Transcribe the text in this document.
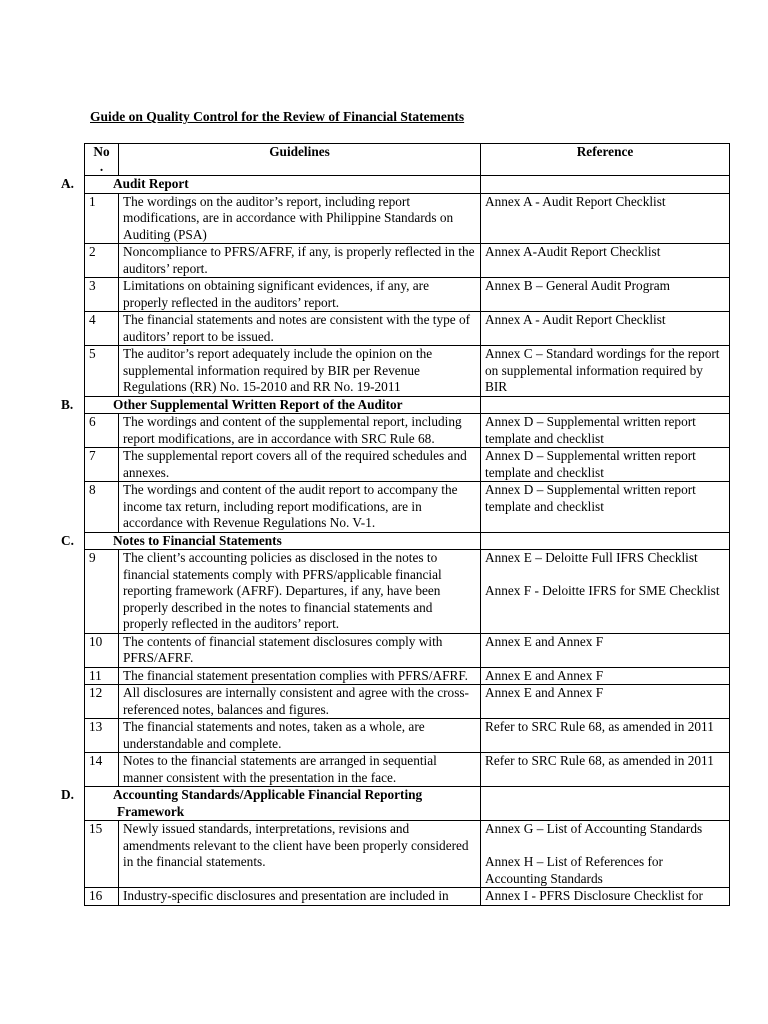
Guide on Quality Control for the Review of Financial Statements
No
.	Guidelines	Reference

A. Audit Report		

1	The wordings on the auditor’s report, including report modifications, are in accordance with Philippine Standards on Auditing (PSA)	Annex A - Audit Report Checklist

2	Noncompliance to PFRS/AFRF, if any, is properly reflected in the auditors’ report.	Annex A-Audit Report Checklist

3	Limitations on obtaining significant evidences, if any, are properly reflected in the auditors’ report.	Annex B – General Audit Program

4	The financial statements and notes are consistent with the type of auditors’ report to be issued.	Annex A - Audit Report Checklist

5	The auditor’s report adequately include the opinion on the supplemental information required by BIR per Revenue Regulations (RR) No. 15-2010 and RR No. 19-2011	Annex C – Standard wordings for the report on supplemental information required by BIR

B. Other Supplemental Written Report of the Auditor		

6	The wordings and content of the supplemental report, including report modifications, are in accordance with SRC Rule 68.	Annex D – Supplemental written report template and checklist

7	The supplemental report covers all of the required schedules and annexes.	Annex D – Supplemental written report template and checklist

8	The wordings and content of the audit report to accompany the income tax return, including report modifications, are in accordance with Revenue Regulations No. V-1.	Annex D – Supplemental written report template and checklist

C. Notes to Financial Statements		

9	The client’s accounting policies as disclosed in the notes to financial statements comply with PFRS/applicable financial reporting framework (AFRF). Departures, if any, have been properly described in the notes to financial statements and properly reflected in the auditors’ report.	Annex E – Deloitte Full IFRS Checklist
Annex F - Deloitte IFRS for SME Checklist

10	The contents of financial statement disclosures comply with PFRS/AFRF.	Annex E and Annex F

11	The financial statement presentation complies with PFRS/AFRF.	Annex E and Annex F

12	All disclosures are internally consistent and agree with the cross-referenced notes, balances and figures.	Annex E and Annex F

13	The financial statements and notes, taken as a whole, are understandable and complete.	Refer to SRC Rule 68, as amended in 2011

14	Notes to the financial statements are arranged in sequential manner consistent with the presentation in the face.	Refer to SRC Rule 68, as amended in 2011

D. Accounting Standards/Applicable Financial Reporting Framework		

15	Newly issued standards, interpretations, revisions and amendments relevant to the client have been properly considered in the financial statements.	Annex G – List of Accounting Standards
Annex H – List of References for Accounting Standards

16	Industry-specific disclosures and presentation are included in	Annex I - PFRS Disclosure Checklist for
